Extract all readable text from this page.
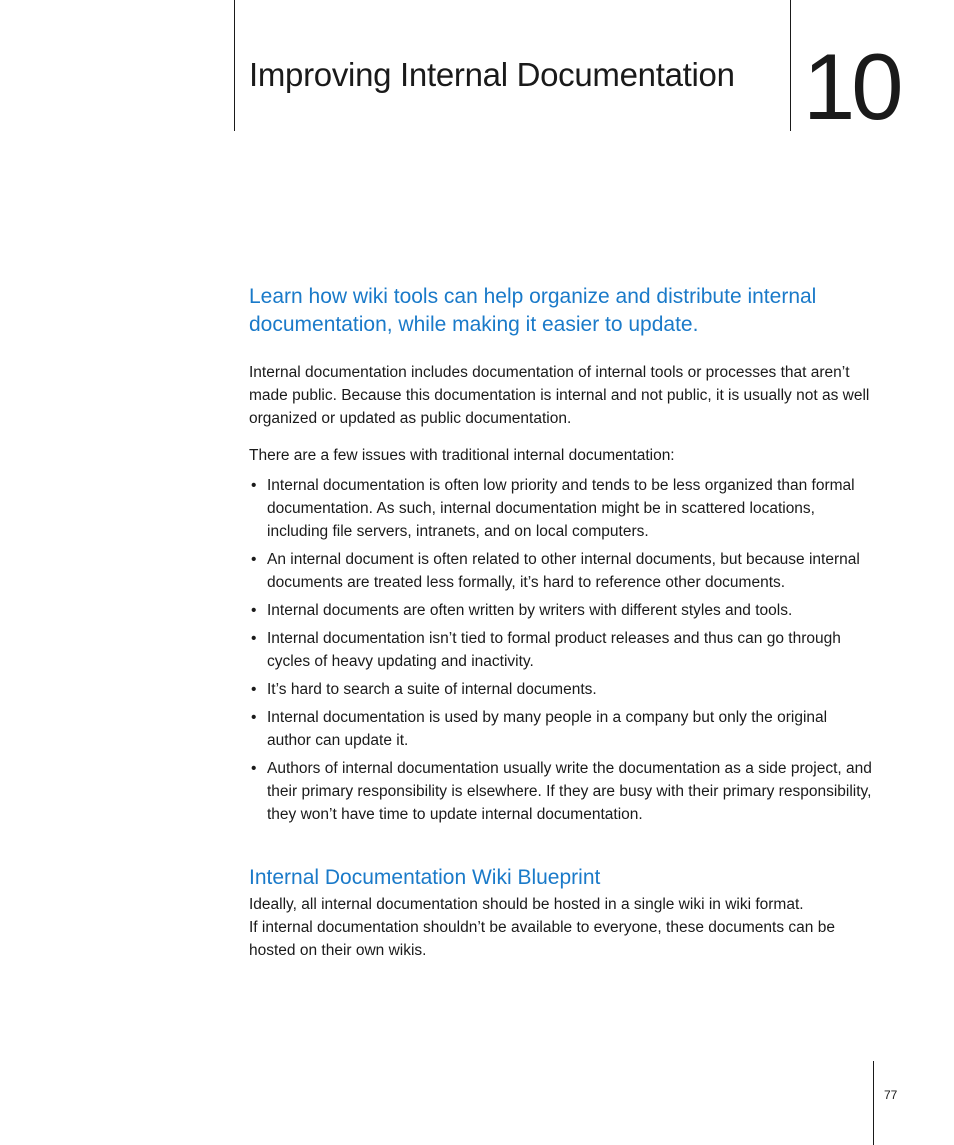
Improving Internal Documentation 10
Learn how wiki tools can help organize and distribute internal documentation, while making it easier to update.

Internal documentation includes documentation of internal tools or processes that aren’t made public. Because this documentation is internal and not public, it is usually not as well organized or updated as public documentation.

There are a few issues with traditional internal documentation:

• Internal documentation is often low priority and tends to be less organized than formal documentation. As such, internal documentation might be in scattered locations, including file servers, intranets, and on local computers.
• An internal document is often related to other internal documents, but because internal documents are treated less formally, it’s hard to reference other documents.
• Internal documents are often written by writers with different styles and tools.
• Internal documentation isn’t tied to formal product releases and thus can go through cycles of heavy updating and inactivity.
• It’s hard to search a suite of internal documents.
• Internal documentation is used by many people in a company but only the original author can update it.
• Authors of internal documentation usually write the documentation as a side project, and their primary responsibility is elsewhere. If they are busy with their primary responsibility, they won’t have time to update internal documentation.
Internal Documentation Wiki Blueprint

Ideally, all internal documentation should be hosted in a single wiki in wiki format.
If internal documentation shouldn’t be available to everyone, these documents can be hosted on their own wikis.

77
